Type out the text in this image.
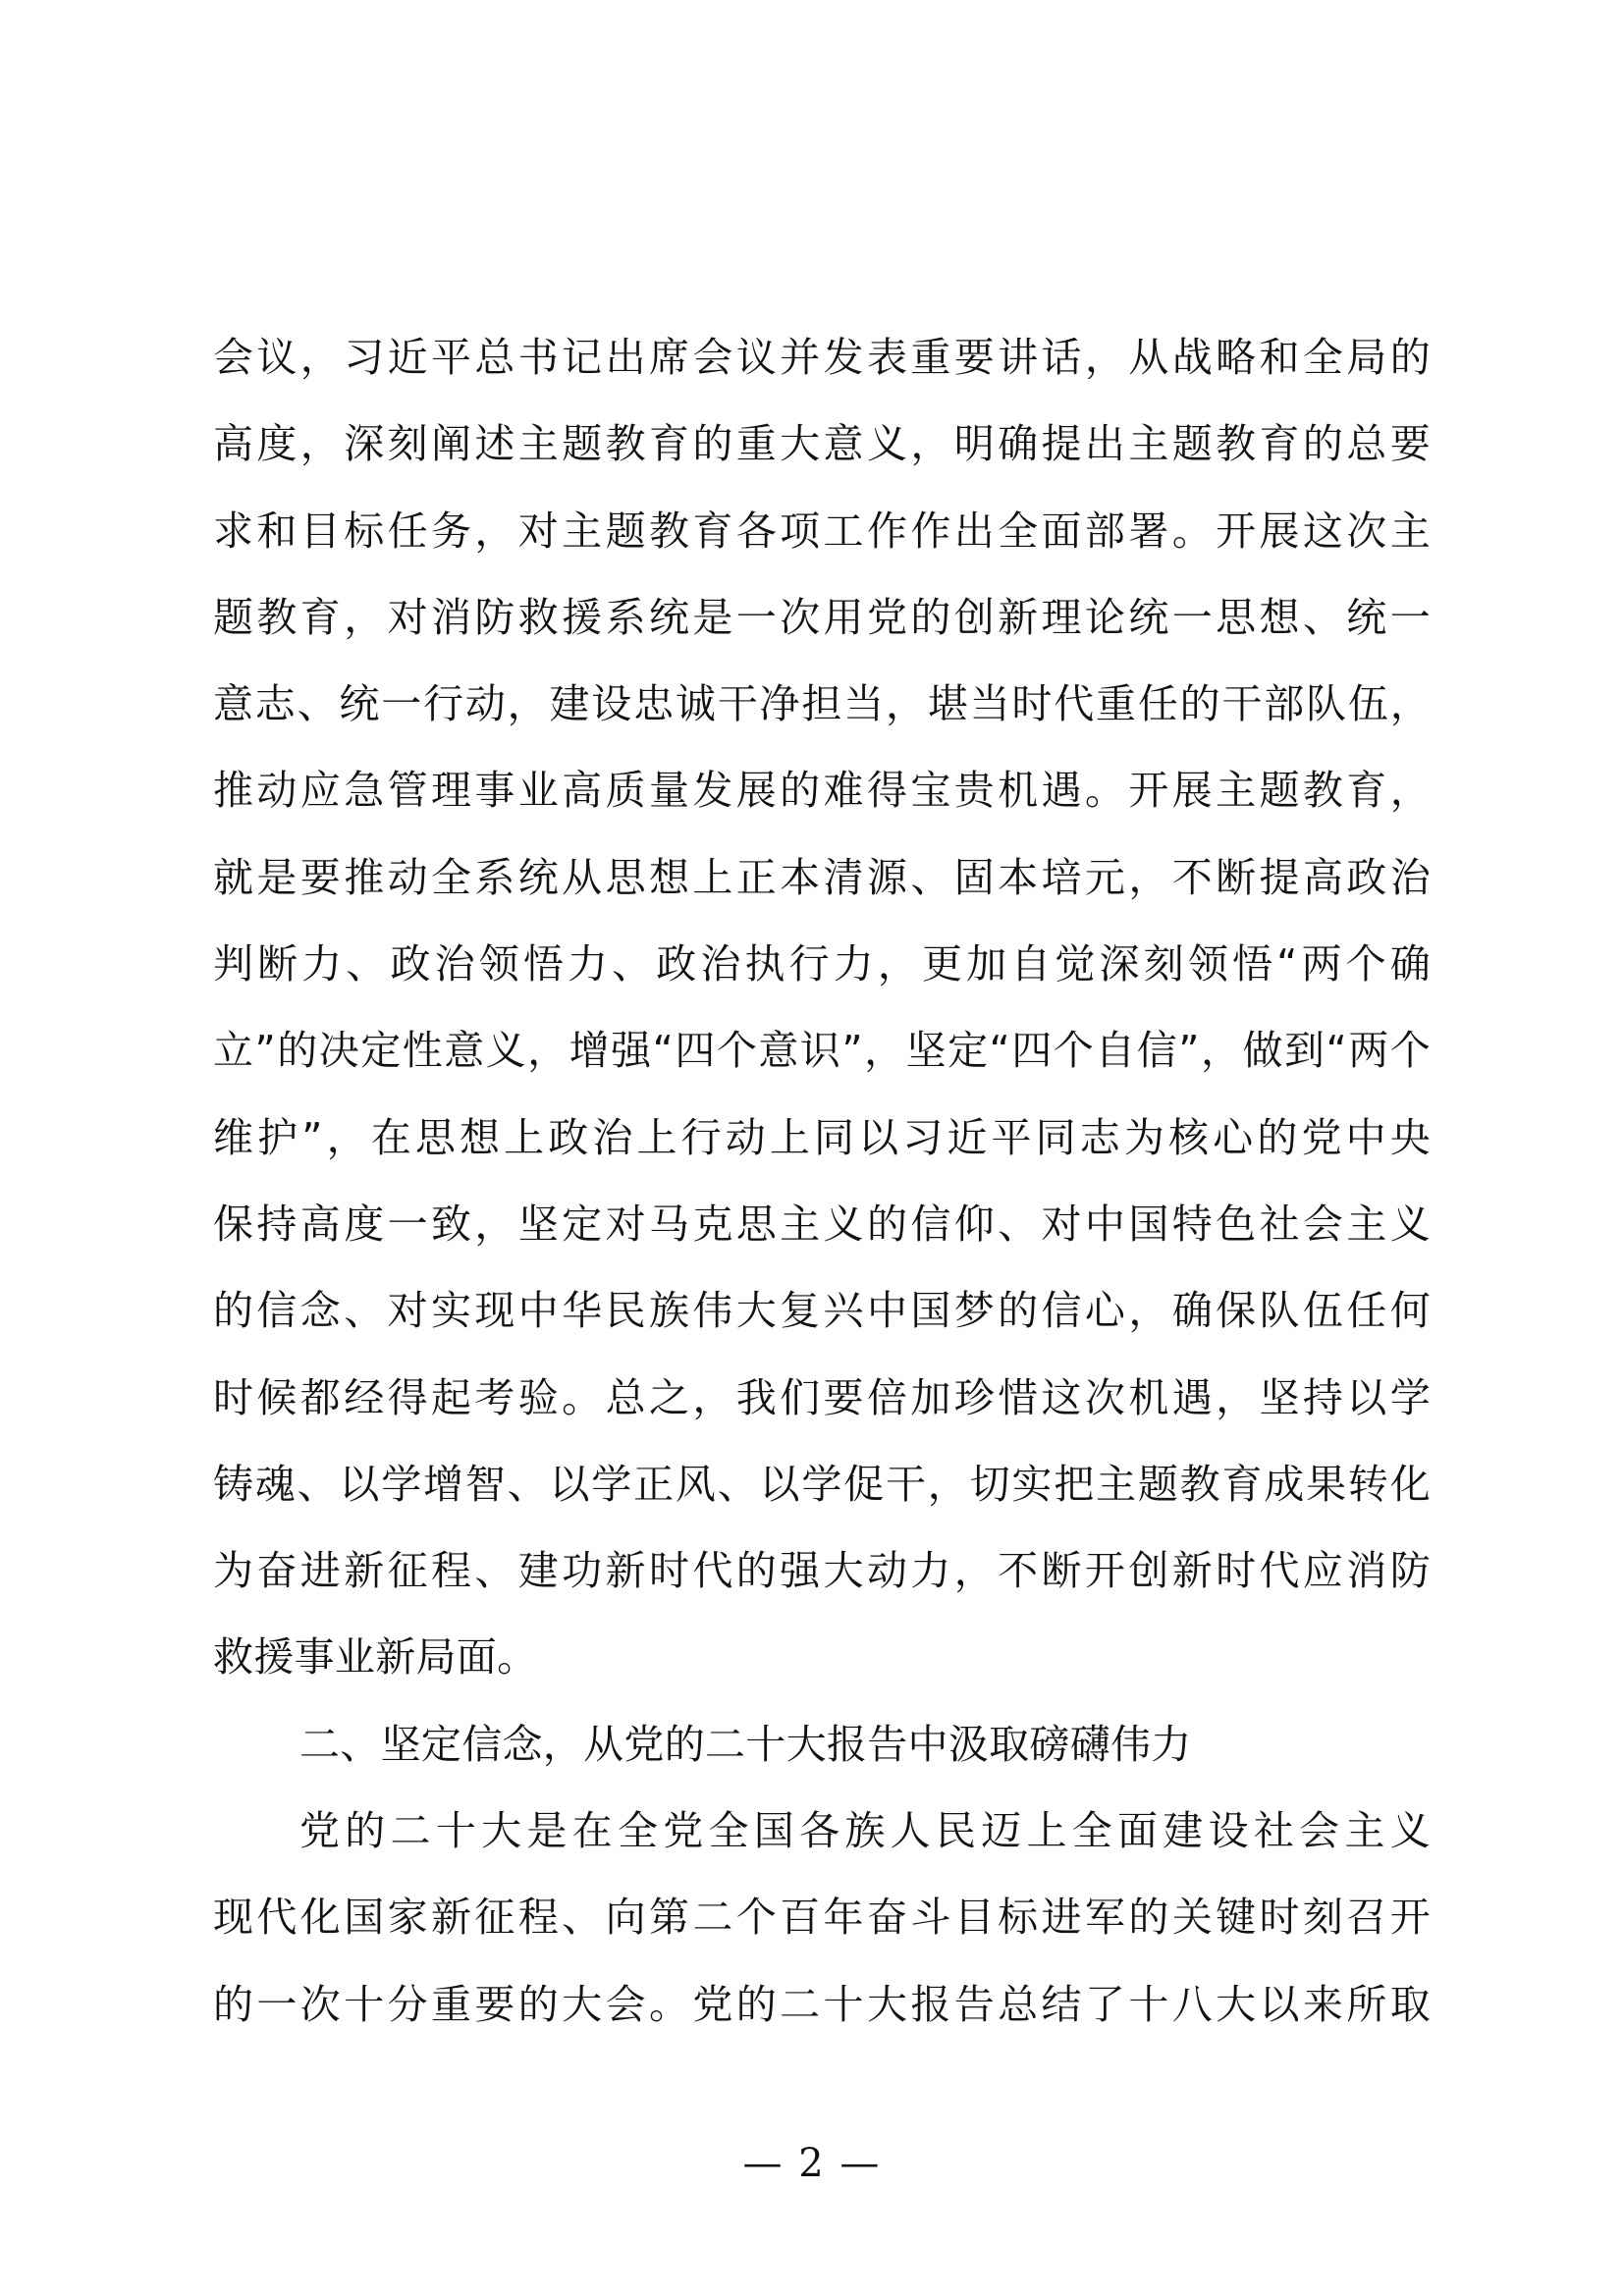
会议，习近平总书记出席会议并发表重要讲话，从战略和全局的
高度，深刻阐述主题教育的重大意义，明确提出主题教育的总要
求和目标任务，对主题教育各项工作作出全面部署。开展这次主
题教育，对消防救援系统是一次用党的创新理论统一思想、统一
意志、统一行动，建设忠诚干净担当，堪当时代重任的干部队伍，
推动应急管理事业高质量发展的难得宝贵机遇。开展主题教育，
就是要推动全系统从思想上正本清源、固本培元，不断提高政治
判断力、政治领悟力、政治执行力，更加自觉深刻领悟“两个确
立”的决定性意义，增强“四个意识”，坚定“四个自信”，做到“两个
维护”，在思想上政治上行动上同以习近平同志为核心的党中央
保持高度一致，坚定对马克思主义的信仰、对中国特色社会主义
的信念、对实现中华民族伟大复兴中国梦的信心，确保队伍任何
时候都经得起考验。总之，我们要倍加珍惜这次机遇，坚持以学
铸魂、以学增智、以学正风、以学促干，切实把主题教育成果转化
为奋进新征程、建功新时代的强大动力，不断开创新时代应消防
救援事业新局面。
二、坚定信念，从党的二十大报告中汲取磅礴伟力
党的二十大是在全党全国各族人民迈上全面建设社会主义
现代化国家新征程、向第二个百年奋斗目标进军的关键时刻召开
的一次十分重要的大会。党的二十大报告总结了十八大以来所取
— 2 —
